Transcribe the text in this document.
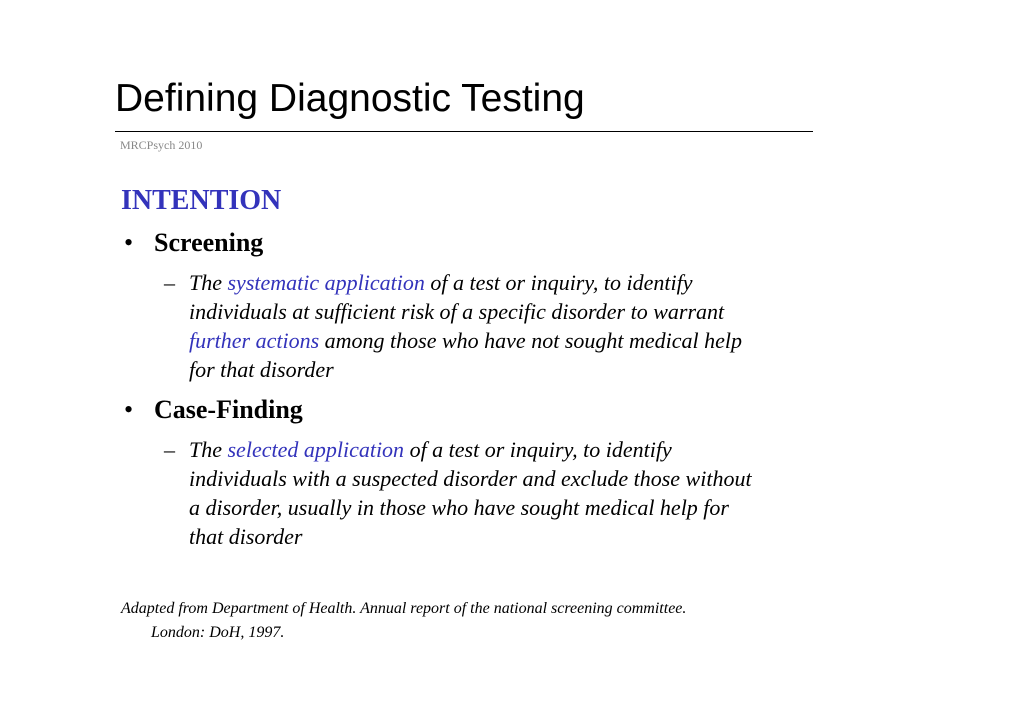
Defining Diagnostic Testing
MRCPsych 2010
INTENTION
• Screening
– The systematic application of a test or inquiry, to identify
individuals at sufficient risk of a specific disorder to warrant
further actions among those who have not sought medical help
for that disorder

• Case-Finding
– The selected application of a test or inquiry, to identify
individuals with a suspected disorder and exclude those without
a disorder, usually in those who have sought medical help for
that disorder

Adapted from Department of Health. Annual report of the national screening committee.
London: DoH, 1997.
